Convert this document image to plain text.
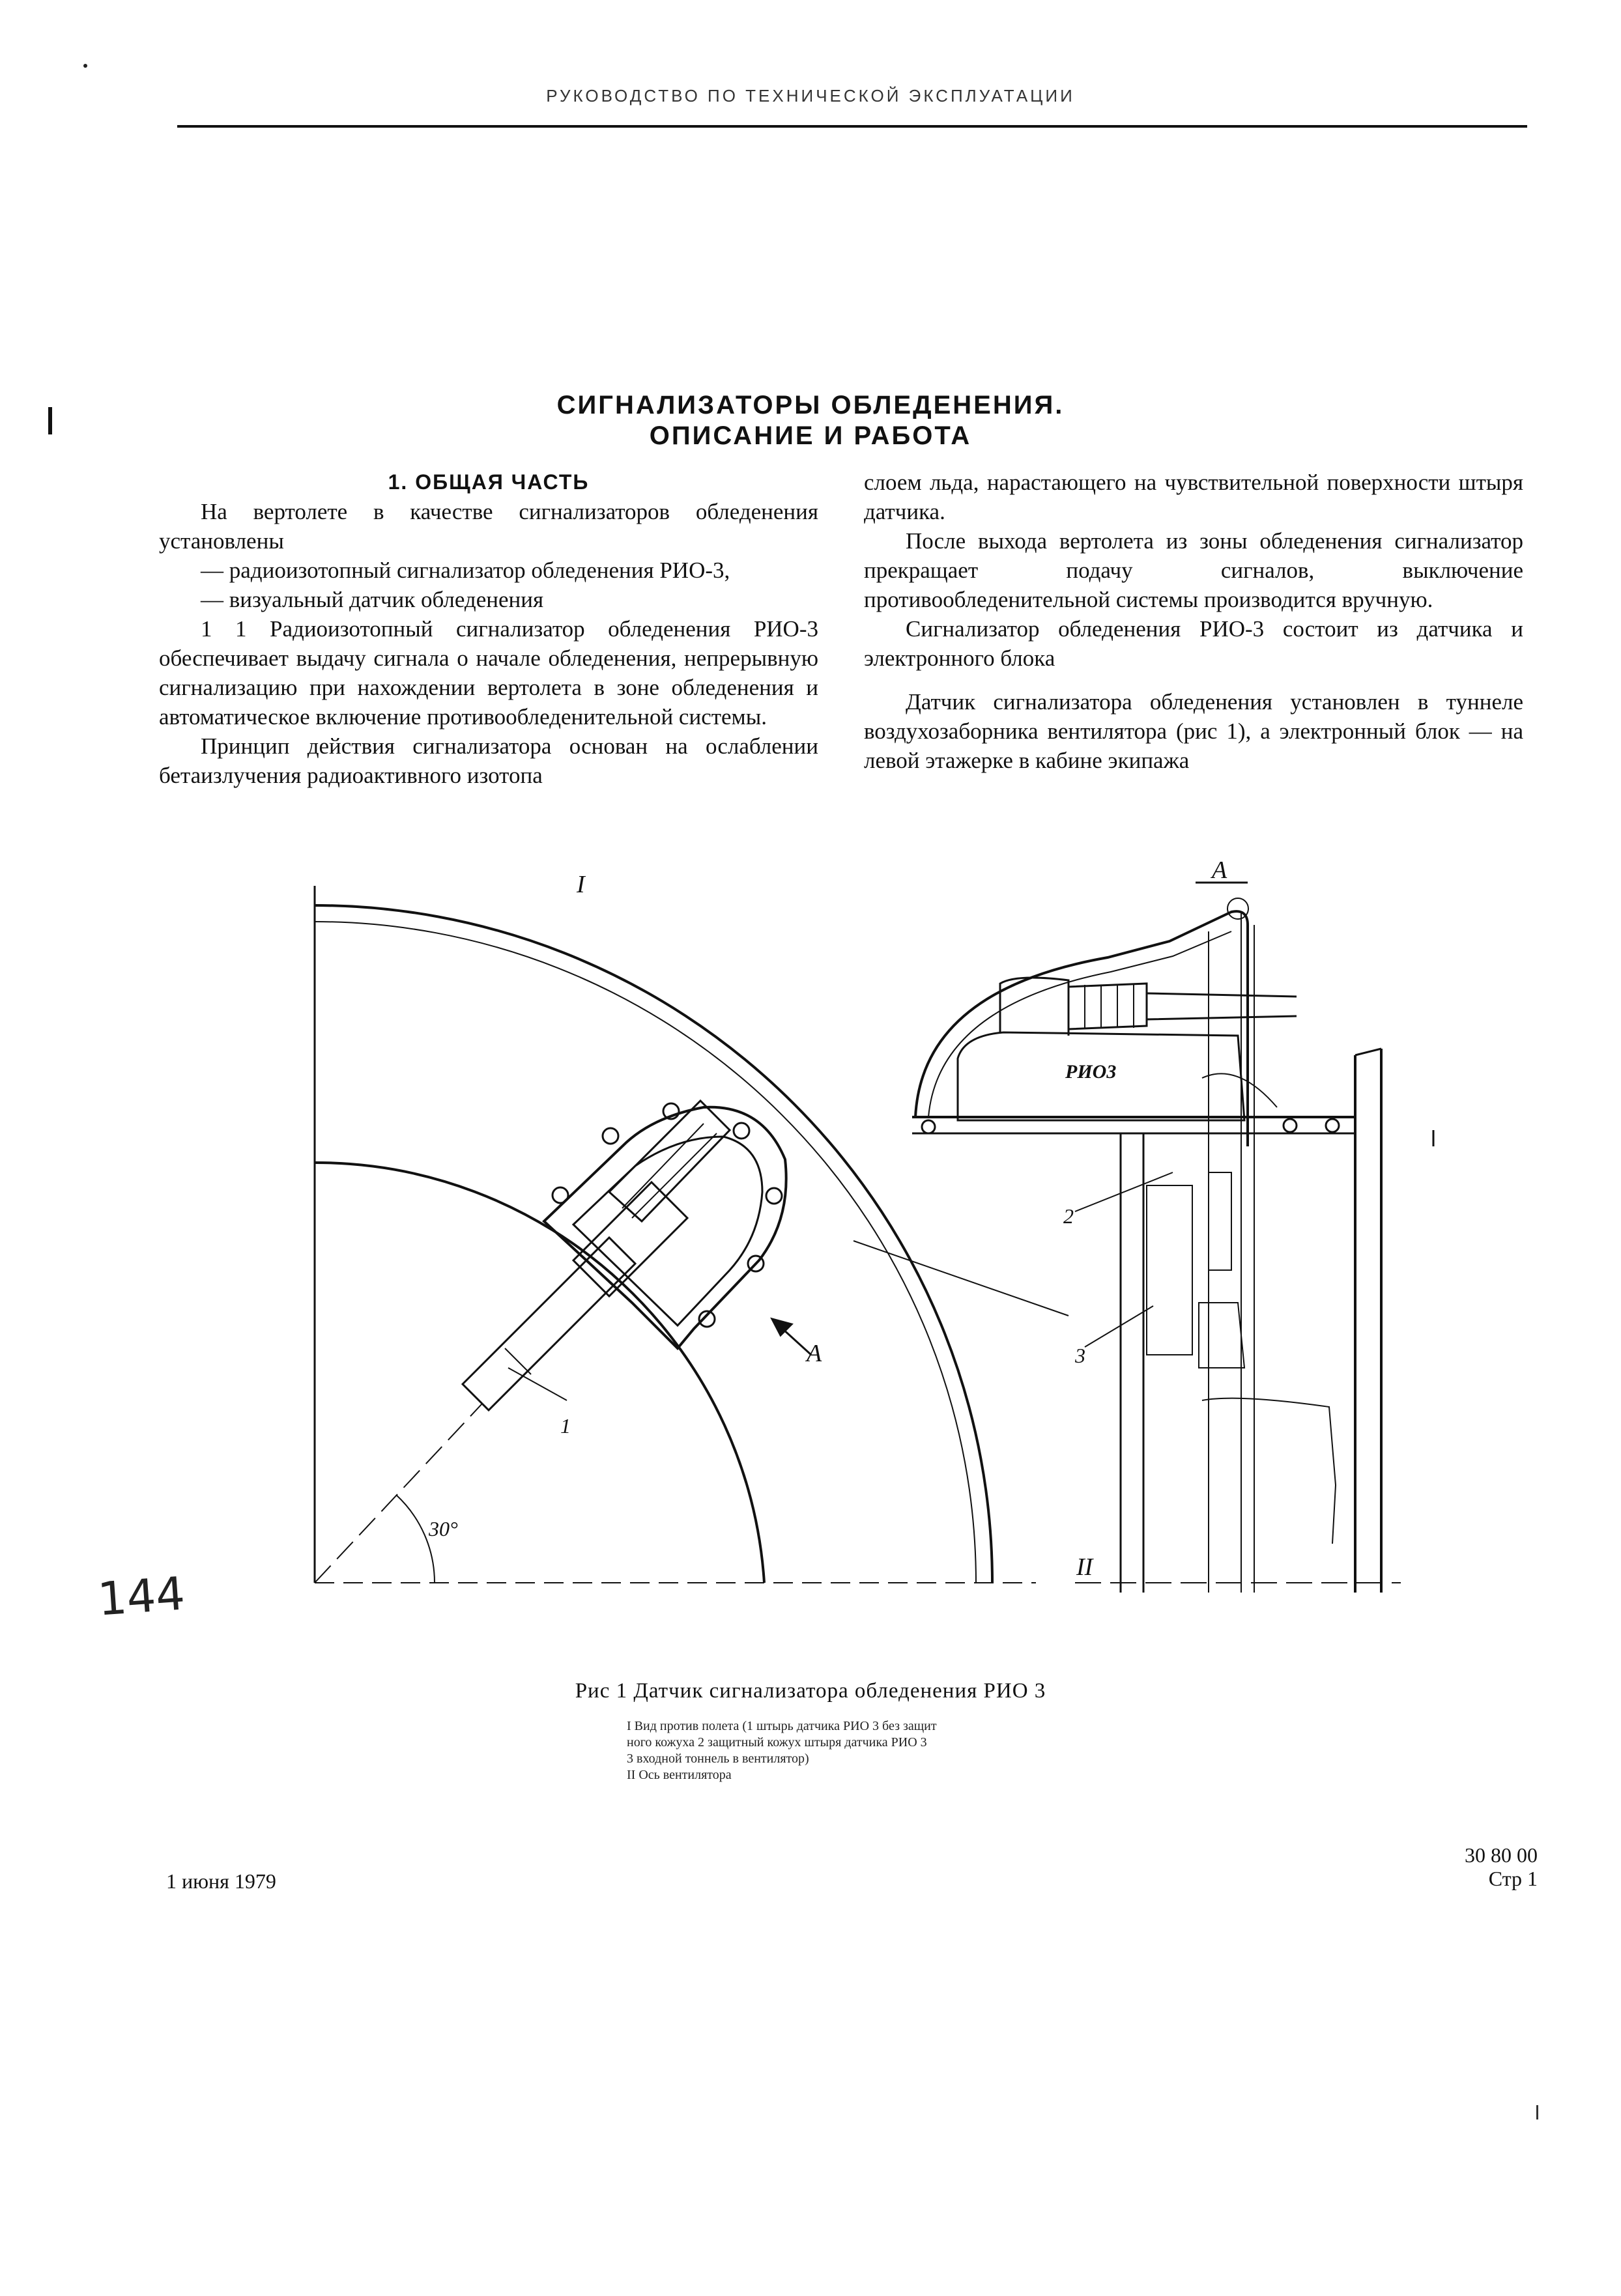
РУКОВОДСТВО ПО ТЕХНИЧЕСКОЙ ЭКСПЛУАТАЦИИ
СИГНАЛИЗАТОРЫ ОБЛЕДЕНЕНИЯ.
ОПИСАНИЕ И РАБОТА
1. ОБЩАЯ ЧАСТЬ

На вертолете в качестве сигнализаторов обледенения установлены

— радиоизотопный сигнализатор обледенения РИО-3,

— визуальный датчик обледенения

1 1 Радиоизотопный сигнализатор обледенения РИО-3 обеспечивает выдачу сигнала о начале обледенения, непрерывную сигнализацию при нахождении вертолета в зоне обледенения и автоматическое включение противообледенительной системы.

Принцип действия сигнализатора основан на ослаблении бетаизлучения радиоактивного изотопа

слоем льда, нарастающего на чувствительной поверхности штыря датчика.

После выхода вертолета из зоны обледенения сигнализатор прекращает подачу сигналов, выключение противообледенительной системы производится вручную.

Сигнализатор обледенения РИО-3 состоит из датчика и электронного блока

Датчик сигнализатора обледенения установлен в туннеле воздухозаборника вентилятора (рис 1), а электронный блок — на левой этажерке в кабине экипажа

I
II
A
A
30°
1
2
3
РИО3
Рис 1 Датчик сигнализатора обледенения РИО 3
I Вид против полета (1 штырь датчика РИО 3 без защит
ного кожуха 2 защитный кожух штыря датчика РИО 3
3 входной тоннель в вентилятор)
II Ось вентилятора
144
1 июня 1979
30 80 00
Стр 1
